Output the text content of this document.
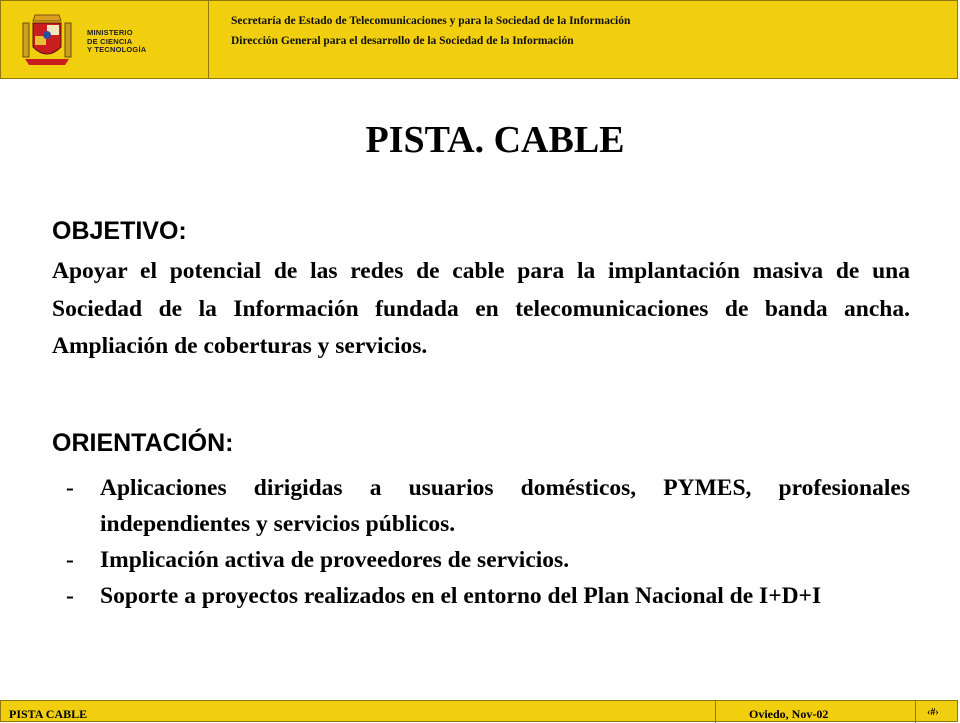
MINISTERIO
DE CIENCIA
Y TECNOLOGÍA
Secretaría de Estado de Telecomunicaciones y para la Sociedad de la Información
Dirección General para el desarrollo de la Sociedad de la Información
PISTA. CABLE
OBJETIVO:
Apoyar el potencial de las redes de cable para la implantación masiva de una Sociedad de la Información fundada en telecomunicaciones de banda ancha. Ampliación de coberturas y servicios.
ORIENTACIÓN:
- Aplicaciones dirigidas a usuarios domésticos, PYMES, profesionales independientes y servicios públicos.
- Implicación activa de proveedores de servicios.
- Soporte a proyectos realizados en el entorno del Plan Nacional de I+D+I
PISTA CABLE	Oviedo, Nov-02	‹#›
